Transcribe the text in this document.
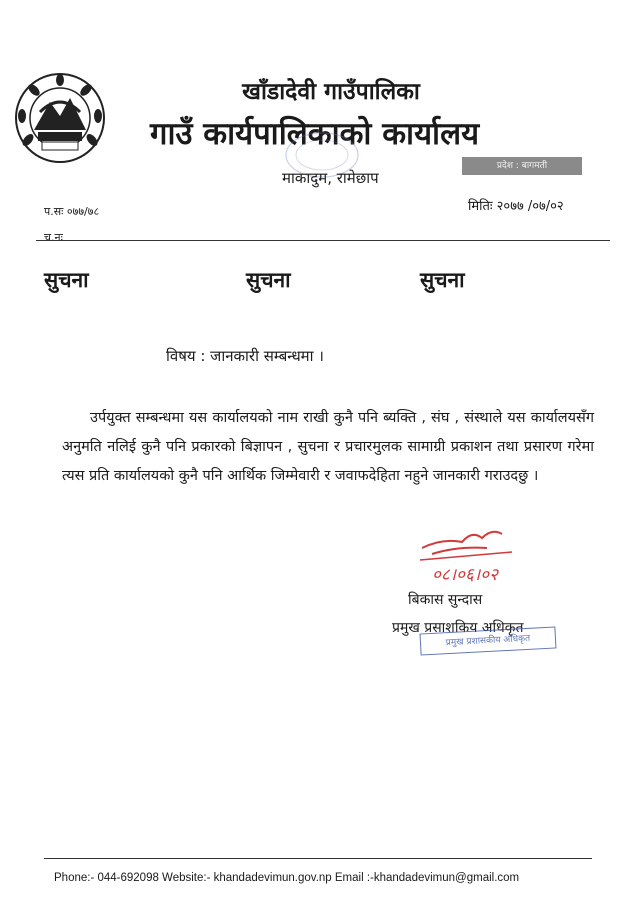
खाँडादेवी गाउँपालिका
गाउँ कार्यपालिकाको कार्यालय
माकादुम, रामेछाप
प्रदेश : बागमती
प.सः ०७७/७८
च.नः
मितिः २०७७ /०७/०२
सुचना	सुचना	सुचना
विषय : जानकारी सम्बन्धमा ।
उर्पयुक्त सम्बन्धमा यस कार्यालयको नाम राखी कुनै पनि ब्यक्ति , संघ , संस्थाले यस कार्यालयसँग अनुमति नलिई कुनै पनि प्रकारको बिज्ञापन , सुचना र प्रचारमुलक सामाग्री प्रकाशन तथा प्रसारण गरेमा त्यस प्रति कार्यालयको कुनै पनि आर्थिक जिम्मेवारी र जवाफदेहिता नहुने जानकारी गराउदछु ।
०८।०६।०२
बिकास सुन्दास
प्रमुख प्रसाशकिय अधिकृत
प्रमुख प्रशासकीय अधिकृत
Phone:- 044-692098 Website:- khandadevimun.gov.np Email :-khandadevimun@gmail.com
